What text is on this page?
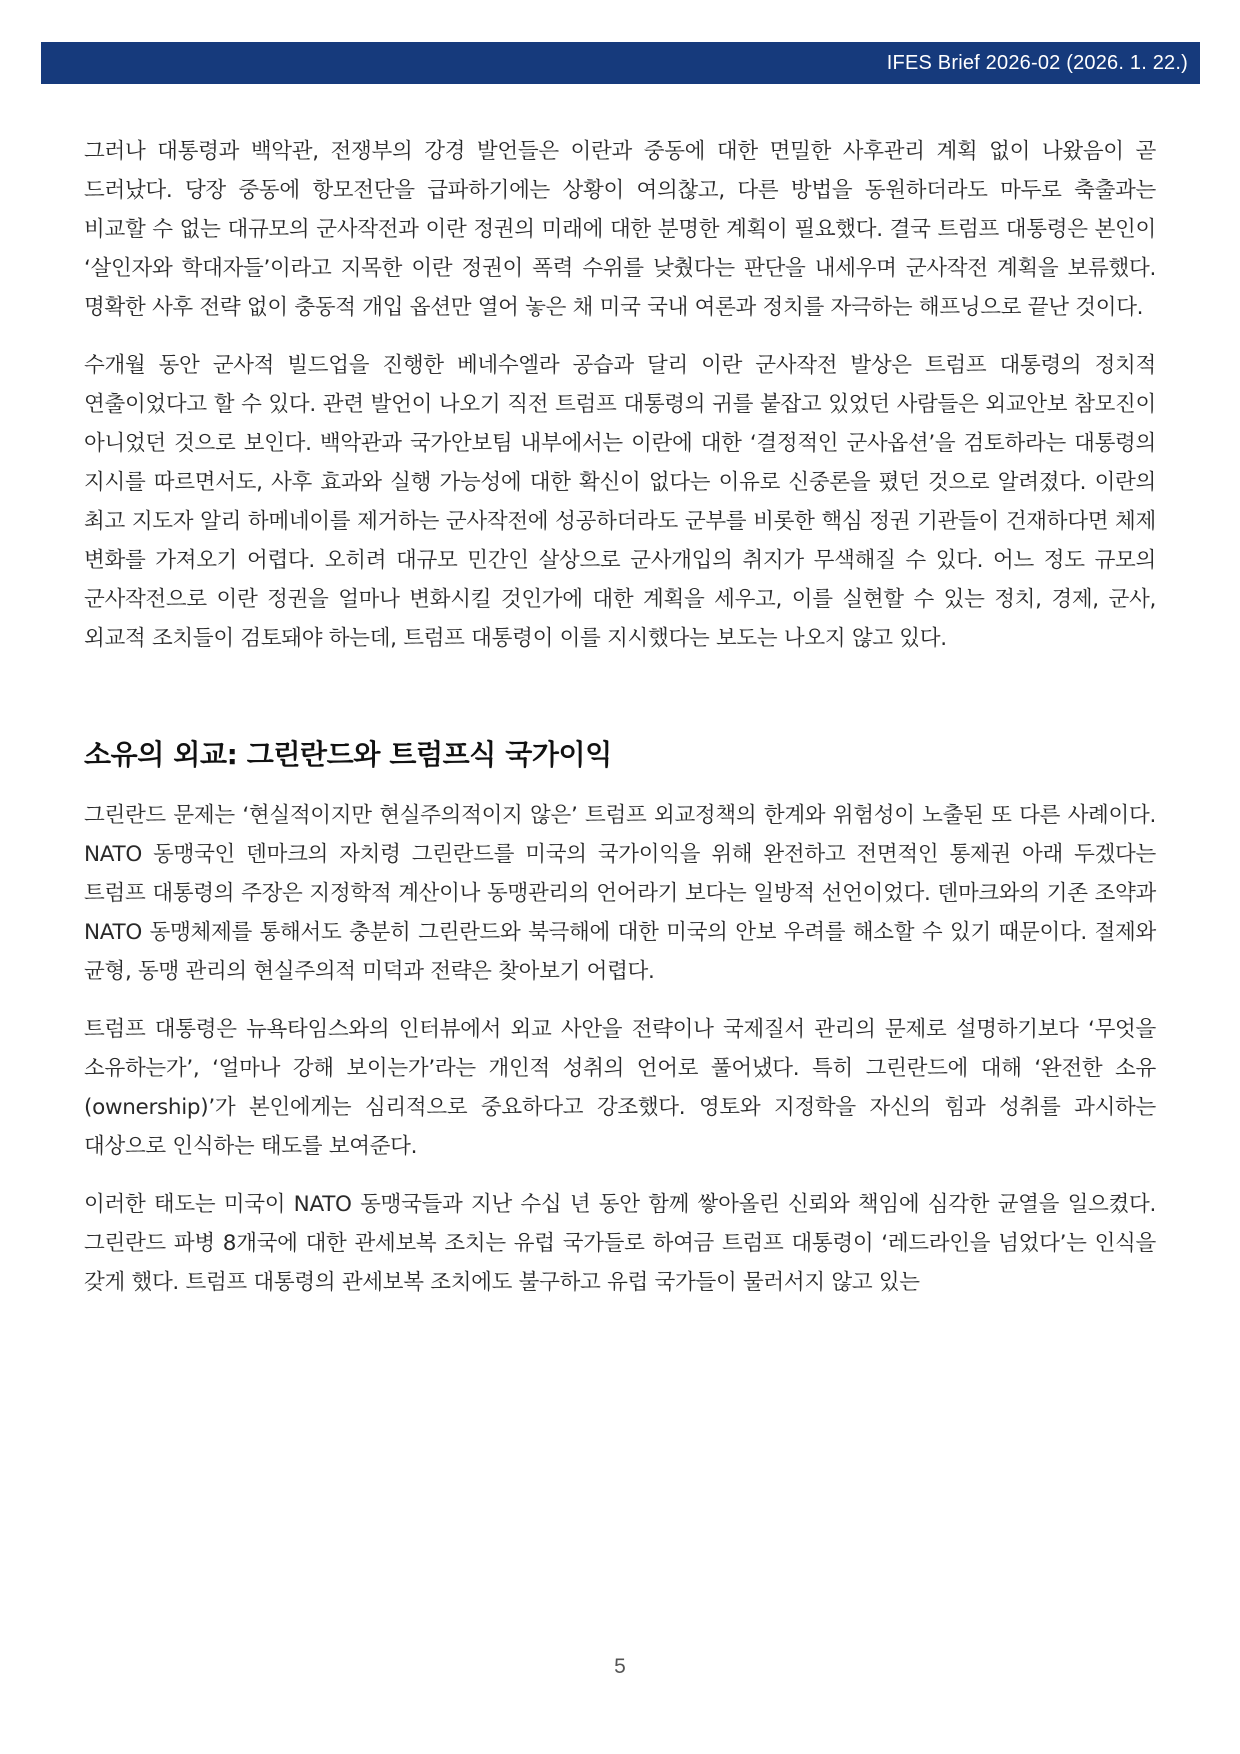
IFES Brief 2026-02 (2026. 1. 22.)

그러나 대통령과 백악관, 전쟁부의 강경 발언들은 이란과 중동에 대한 면밀한 사후관리 계획 없이 나왔음이 곧 드러났다. 당장 중동에 항모전단을 급파하기에는 상황이 여의찮고, 다른 방법을 동원하더라도 마두로 축출과는 비교할 수 없는 대규모의 군사작전과 이란 정권의 미래에 대한 분명한 계획이 필요했다. 결국 트럼프 대통령은 본인이 ‘살인자와 학대자들’이라고 지목한 이란 정권이 폭력 수위를 낮췄다는 판단을 내세우며 군사작전 계획을 보류했다. 명확한 사후 전략 없이 충동적 개입 옵션만 열어 놓은 채 미국 국내 여론과 정치를 자극하는 해프닝으로 끝난 것이다.

수개월 동안 군사적 빌드업을 진행한 베네수엘라 공습과 달리 이란 군사작전 발상은 트럼프 대통령의 정치적 연출이었다고 할 수 있다. 관련 발언이 나오기 직전 트럼프 대통령의 귀를 붙잡고 있었던 사람들은 외교안보 참모진이 아니었던 것으로 보인다. 백악관과 국가안보팀 내부에서는 이란에 대한 ‘결정적인 군사옵션’을 검토하라는 대통령의 지시를 따르면서도, 사후 효과와 실행 가능성에 대한 확신이 없다는 이유로 신중론을 폈던 것으로 알려졌다. 이란의 최고 지도자 알리 하메네이를 제거하는 군사작전에 성공하더라도 군부를 비롯한 핵심 정권 기관들이 건재하다면 체제 변화를 가져오기 어렵다. 오히려 대규모 민간인 살상으로 군사개입의 취지가 무색해질 수 있다. 어느 정도 규모의 군사작전으로 이란 정권을 얼마나 변화시킬 것인가에 대한 계획을 세우고, 이를 실현할 수 있는 정치, 경제, 군사, 외교적 조치들이 검토돼야 하는데, 트럼프 대통령이 이를 지시했다는 보도는 나오지 않고 있다.

소유의 외교: 그린란드와 트럼프식 국가이익

그린란드 문제는 ‘현실적이지만 현실주의적이지 않은’ 트럼프 외교정책의 한계와 위험성이 노출된 또 다른 사례이다. NATO 동맹국인 덴마크의 자치령 그린란드를 미국의 국가이익을 위해 완전하고 전면적인 통제권 아래 두겠다는 트럼프 대통령의 주장은 지정학적 계산이나 동맹관리의 언어라기 보다는 일방적 선언이었다. 덴마크와의 기존 조약과 NATO 동맹체제를 통해서도 충분히 그린란드와 북극해에 대한 미국의 안보 우려를 해소할 수 있기 때문이다. 절제와 균형, 동맹 관리의 현실주의적 미덕과 전략은 찾아보기 어렵다.

트럼프 대통령은 뉴욕타임스와의 인터뷰에서 외교 사안을 전략이나 국제질서 관리의 문제로 설명하기보다 ‘무엇을 소유하는가’, ‘얼마나 강해 보이는가’라는 개인적 성취의 언어로 풀어냈다. 특히 그린란드에 대해 ‘완전한 소유(ownership)’가 본인에게는 심리적으로 중요하다고 강조했다. 영토와 지정학을 자신의 힘과 성취를 과시하는 대상으로 인식하는 태도를 보여준다.

이러한 태도는 미국이 NATO 동맹국들과 지난 수십 년 동안 함께 쌓아올린 신뢰와 책임에 심각한 균열을 일으켰다. 그린란드 파병 8개국에 대한 관세보복 조치는 유럽 국가들로 하여금 트럼프 대통령이 ‘레드라인을 넘었다’는 인식을 갖게 했다. 트럼프 대통령의 관세보복 조치에도 불구하고 유럽 국가들이 물러서지 않고 있는

5
